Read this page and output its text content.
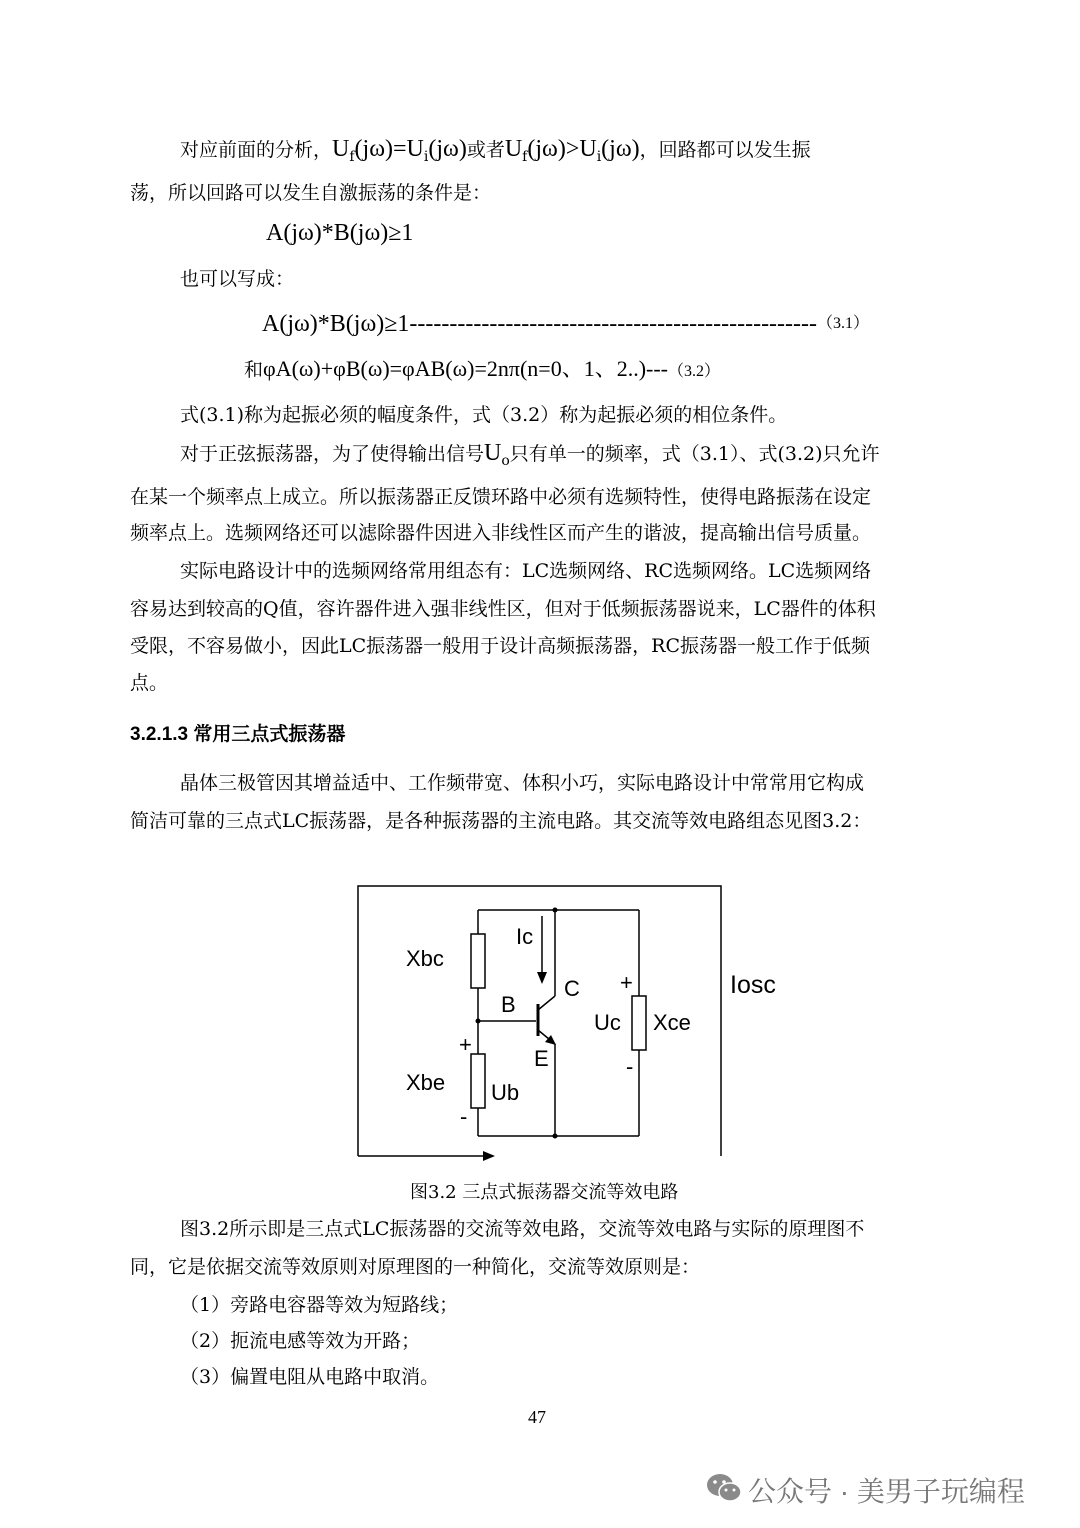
对应前面的分析，$U_f(j\omega)=U_i(j\omega)$或者$U_f(j\omega)>U_i(j\omega)$，回路都可以发生振
荡，所以回路可以发生自激振荡的条件是：
A(jω)*B(jω)≥1
也可以写成：
A(jω)*B(jω)≥1---------------------------------------------------（3.1）
和φA(ω)+φB(ω)=φAB(ω)=2nπ(n=0、1、2..)---（3.2）
式(3.1)称为起振必须的幅度条件，式（3.2）称为起振必须的相位条件。
对于正弦振荡器，为了使得输出信号$U_o$只有单一的频率，式（3.1）、式(3.2)只允许
在某一个频率点上成立。所以振荡器正反馈环路中必须有选频特性，使得电路振荡在设定
频率点上。选频网络还可以滤除器件因进入非线性区而产生的谐波，提高输出信号质量。
实际电路设计中的选频网络常用组态有：LC选频网络、RC选频网络。LC选频网络
容易达到较高的Q值，容许器件进入强非线性区，但对于低频振荡器说来，LC器件的体积
受限，不容易做小，因此LC振荡器一般用于设计高频振荡器，RC振荡器一般工作于低频
点。
3.2.1.3 常用三点式振荡器
晶体三极管因其增益适中、工作频带宽、体积小巧，实际电路设计中常常用它构成
简洁可靠的三点式LC振荡器，是各种振荡器的主流电路。其交流等效电路组态见图3.2：
Xbc
Ic
C
B
+
Uc Xce
E	-
+
Xbe Ub
-
Iosc
图3.2 三点式振荡器交流等效电路
图3.2所示即是三点式LC振荡器的交流等效电路，交流等效电路与实际的原理图不
同，它是依据交流等效原则对原理图的一种简化，交流等效原则是：
（1）旁路电容器等效为短路线；
（2）扼流电感等效为开路；
（3）偏置电阻从电路中取消。
47
公众号 · 美男子玩编程
